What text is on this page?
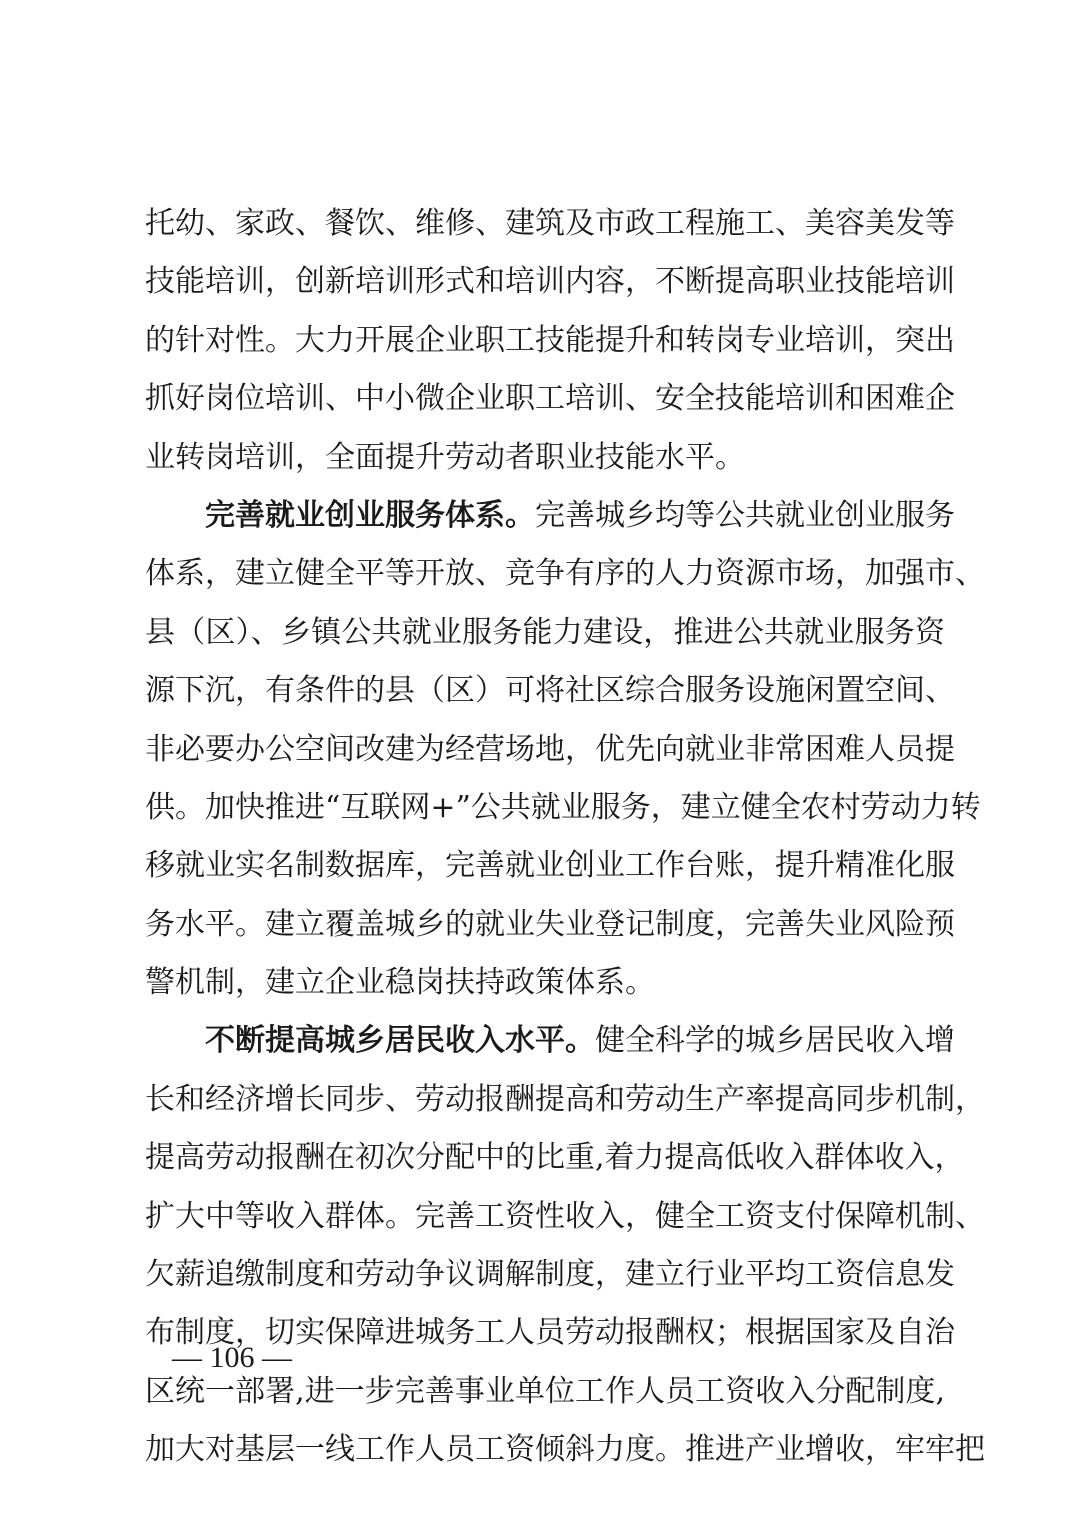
托幼、家政、餐饮、维修、建筑及市政工程施工、美容美发等
技能培训，创新培训形式和培训内容，不断提高职业技能培训
的针对性。大力开展企业职工技能提升和转岗专业培训，突出
抓好岗位培训、中小微企业职工培训、安全技能培训和困难企
业转岗培训，全面提升劳动者职业技能水平。
完善就业创业服务体系。完善城乡均等公共就业创业服务
体系，建立健全平等开放、竞争有序的人力资源市场，加强市、
县（区）、乡镇公共就业服务能力建设，推进公共就业服务资
源下沉，有条件的县（区）可将社区综合服务设施闲置空间、
非必要办公空间改建为经营场地，优先向就业非常困难人员提
供。加快推进“互联网+”公共就业服务，建立健全农村劳动力转
移就业实名制数据库，完善就业创业工作台账，提升精准化服
务水平。建立覆盖城乡的就业失业登记制度，完善失业风险预
警机制，建立企业稳岗扶持政策体系。
不断提高城乡居民收入水平。健全科学的城乡居民收入增
长和经济增长同步、劳动报酬提高和劳动生产率提高同步机制，
提高劳动报酬在初次分配中的比重,着力提高低收入群体收入，
扩大中等收入群体。完善工资性收入，健全工资支付保障机制、
欠薪追缴制度和劳动争议调解制度，建立行业平均工资信息发
布制度，切实保障进城务工人员劳动报酬权；根据国家及自治
区统一部署,进一步完善事业单位工作人员工资收入分配制度,
加大对基层一线工作人员工资倾斜力度。推进产业增收，牢牢把
— 106 —
